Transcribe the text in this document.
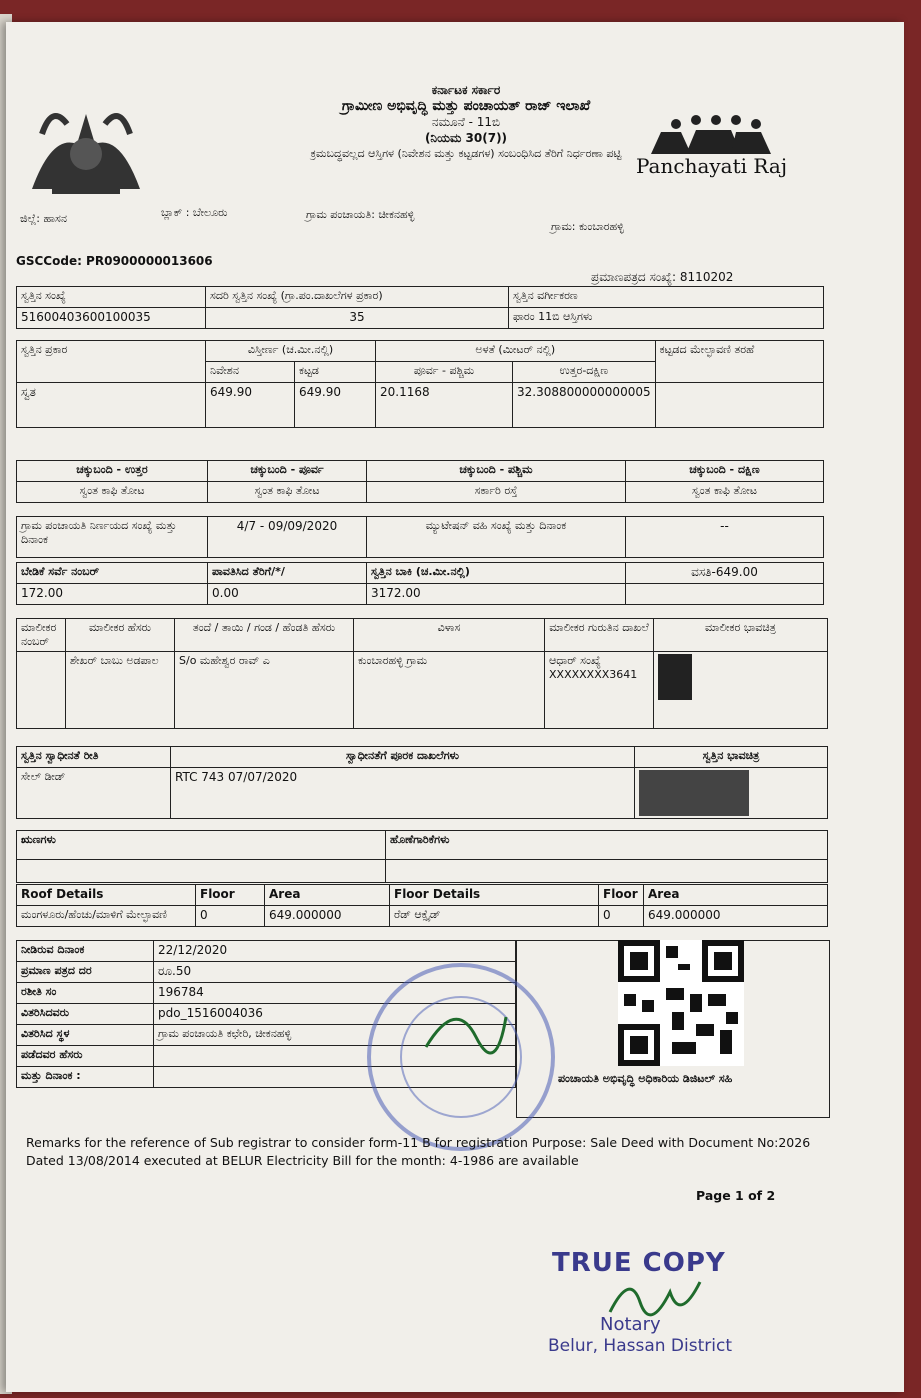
ಕರ್ನಾಟಕ ಸರ್ಕಾರ
ಗ್ರಾಮೀಣ ಅಭಿವೃದ್ಧಿ ಮತ್ತು ಪಂಚಾಯತ್ ರಾಜ್ ಇಲಾಖೆ
ನಮೂನೆ - 11ಬಿ
(ನಿಯಮ 30(7))
ಕ್ರಮಬದ್ಧವಲ್ಲದ ಆಸ್ತಿಗಳ (ನಿವೇಶನ ಮತ್ತು ಕಟ್ಟಡಗಳ) ಸಂಬಂಧಿಸಿದ ತೆರಿಗೆ ನಿರ್ಧರಣಾ ಪಟ್ಟಿ
Panchayati Raj
ಜಿಲ್ಲೆ: ಹಾಸನ	ಬ್ಲಾಕ್ : ಬೇಲೂರು	ಗ್ರಾಮ ಪಂಚಾಯತಿ: ಚೀಕನಹಳ್ಳಿ
ಗ್ರಾಮ: ಕುಂಬಾರಹಳ್ಳಿ
GSCCode: PR0900000013606
ಪ್ರಮಾಣಪತ್ರದ ಸಂಖ್ಯೆ: 8110202
ಸ್ವತ್ತಿನ ಸಂಖ್ಯೆ	ಸದರಿ ಸ್ವತ್ತಿನ ಸಂಖ್ಯೆ (ಗ್ರಾ.ಪಂ.ದಾಖಲೆಗಳ ಪ್ರಕಾರ)	ಸ್ವತ್ತಿನ ವರ್ಗೀಕರಣ
51600403600100035	35	ಫಾರಂ 11ಬಿ ಆಸ್ತಿಗಳು
ಸ್ವತ್ತಿನ ಪ್ರಕಾರ	ವಿಸ್ತೀರ್ಣ (ಚ.ಮೀ.ನಲ್ಲಿ)		ಅಳತೆ (ಮೀಟರ್ ನಲ್ಲಿ)		ಕಟ್ಟಡದ ಮೇಲ್ಛಾವಣಿ ತರಹೆ
	ನಿವೇಶನ	ಕಟ್ಟಡ	ಪೂರ್ವ - ಪಶ್ಚಿಮ	ಉತ್ತರ-ದಕ್ಷಿಣ	
ಸ್ವತ	649.90	649.90	20.1168	32.308800000000005	
ಚಕ್ಕುಬಂದಿ - ಉತ್ತರ	ಚಕ್ಕುಬಂದಿ - ಪೂರ್ವ	ಚಕ್ಕುಬಂದಿ - ಪಶ್ಚಿಮ	ಚಕ್ಕುಬಂದಿ - ದಕ್ಷಿಣ
ಸ್ವಂತ ಕಾಫಿ ತೋಟ	ಸ್ವಂತ ಕಾಫಿ ತೋಟ	ಸರ್ಕಾರಿ ರಸ್ತೆ	ಸ್ವಂತ ಕಾಫಿ ತೋಟ
ಗ್ರಾಮ ಪಂಚಾಯತಿ ನಿರ್ಣಯದ ಸಂಖ್ಯೆ ಮತ್ತು ದಿನಾಂಕ	4/7 - 09/09/2020	ಮ್ಯುಟೇಷನ್ ವಹಿ ಸಂಖ್ಯೆ ಮತ್ತು ದಿನಾಂಕ	--
ಬೇಡಿಕೆ ಸರ್ವೆ ನಂಬರ್	ಪಾವತಿಸಿದ ತೆರಿಗೆ/*/	ಸ್ವತ್ತಿನ ಬಾಕಿ (ಚ.ಮೀ.ನಲ್ಲಿ)	ವಸತಿ-649.00
172.00	0.00	3172.00	
ಮಾಲೀಕರ ನಂಬರ್	ಮಾಲೀಕರ ಹೆಸರು	ತಂದೆ / ತಾಯಿ / ಗಂಡ / ಹೆಂಡತಿ ಹೆಸರು	ವಿಳಾಸ	ಮಾಲೀಕರ ಗುರುತಿನ ದಾಖಲೆ	ಮಾಲೀಕರ ಭಾವಚಿತ್ರ
	ಶೇಖರ್ ಬಾಬು ಅಡಪಾಲ	S/o ಮಹೇಶ್ವರ ರಾವ್ ಎ	ಕುಂಬಾರಹಳ್ಳಿ ಗ್ರಾಮ	ಆಧಾರ್ ಸಂಖ್ಯೆ XXXXXXXX3641	
ಸ್ವತ್ತಿನ ಸ್ವಾಧೀನತೆ ರೀತಿ	ಸ್ವಾಧೀನತೆಗೆ ಪೂರಕ ದಾಖಲೆಗಳು	ಸ್ವತ್ತಿನ ಭಾವಚಿತ್ರ
ಸೇಲ್ ಡೀಡ್	RTC 743 07/07/2020	
ಋಣಗಳು	ಹೊಣೆಗಾರಿಕೆಗಳು

Roof Details	Floor	Area	Floor Details	Floor	Area
ಮಂಗಳೂರು/ಹೆಂಚು/ಮಾಳಿಗೆ ಮೇಲ್ಛಾವಣಿ	0	649.000000	ರೆಡ್ ಆಕ್ಸೈಡ್	0	649.000000
ನೀಡಿರುವ ದಿನಾಂಕ	22/12/2020
ಪ್ರಮಾಣ ಪತ್ರದ ದರ	ರೂ.50
ರಶೀತಿ ಸಂ	196784
ವಿತರಿಸಿದವರು	pdo_1516004036
ವಿತರಿಸಿದ ಸ್ಥಳ	ಗ್ರಾಮ ಪಂಚಾಯತಿ ಕಛೇರಿ, ಚೀಕನಹಳ್ಳಿ
ಪಡೆದವರ ಹೆಸರು	
ಮತ್ತು ದಿನಾಂಕ :		ಪಂಚಾಯತಿ ಅಭಿವೃದ್ಧಿ ಅಧಿಕಾರಿಯ ಡಿಜಿಟಲ್ ಸಹಿ
Remarks for the reference of Sub registrar to consider form-11 B for registration Purpose: Sale Deed with Document No:2026 Dated 13/08/2014 executed at BELUR Electricity Bill for the month: 4-1986 are available
Page 1 of 2
TRUE COPY
Notary
Belur, Hassan District
